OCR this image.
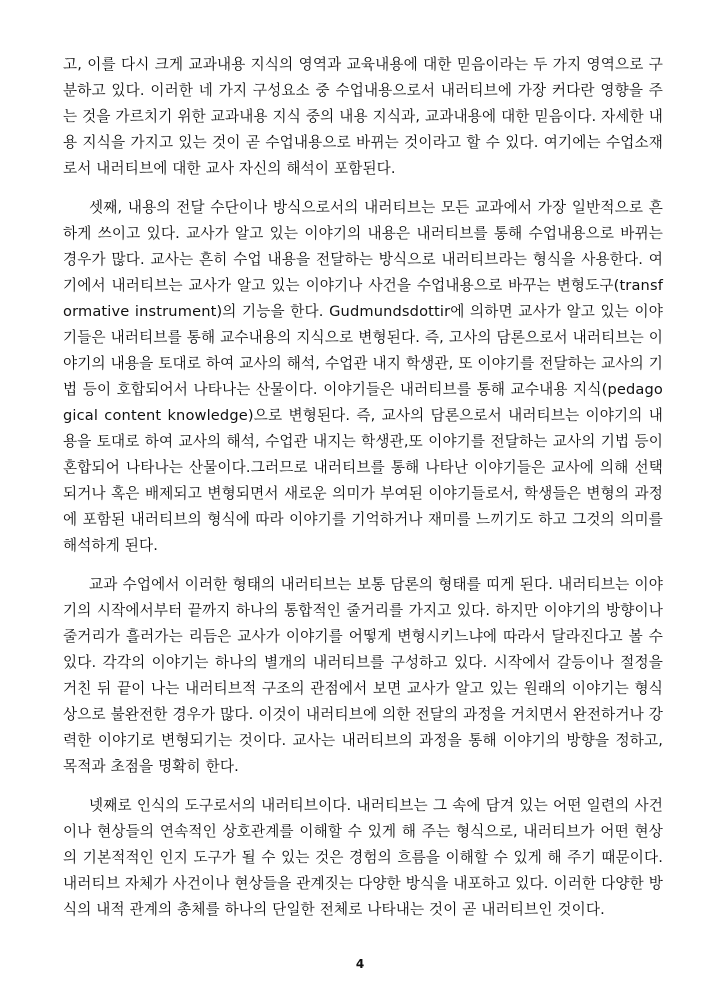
고, 이를 다시 크게 교과내용 지식의 영역과 교육내용에 대한 믿음이라는 두 가지 영역으로 구분하고 있다. 이러한 네 가지 구성요소 중 수업내용으로서 내러티브에 가장 커다란 영향을 주는 것을 가르치기 위한 교과내용 지식 중의 내용 지식과, 교과내용에 대한 믿음이다. 자세한 내용 지식을 가지고 있는 것이 곧 수업내용으로 바뀌는 것이라고 할 수 있다. 여기에는 수업소재로서 내러티브에 대한 교사 자신의 해석이 포함된다.

셋째, 내용의 전달 수단이나 방식으로서의 내러티브는 모든 교과에서 가장 일반적으로 흔하게 쓰이고 있다. 교사가 알고 있는 이야기의 내용은 내러티브를 통해 수업내용으로 바뀌는 경우가 많다. 교사는 흔히 수업 내용을 전달하는 방식으로 내러티브라는 형식을 사용한다. 여기에서 내러티브는 교사가 알고 있는 이야기나 사건을 수업내용으로 바꾸는 변형도구(transformative instrument)의 기능을 한다. Gudmundsdottir에 의하면 교사가 알고 있는 이야기들은 내러티브를 통해 교수내용의 지식으로 변형된다. 즉, 고사의 담론으로서 내러티브는 이야기의 내용을 토대로 하여 교사의 해석, 수업관 내지 학생관, 또 이야기를 전달하는 교사의 기법 등이 호합되어서 나타나는 산물이다. 이야기들은 내러티브를 통해 교수내용 지식(pedagogical content knowledge)으로 변형된다. 즉, 교사의 담론으로서 내러티브는 이야기의 내용을 토대로 하여 교사의 해석, 수업관 내지는 학생관,또 이야기를 전달하는 교사의 기법 등이 혼합되어 나타나는 산물이다.그러므로 내러티브를 통해 나타난 이야기들은 교사에 의해 선택되거나 혹은 배제되고 변형되면서 새로운 의미가 부여된 이야기들로서, 학생들은 변형의 과정에 포함된 내러티브의 형식에 따라 이야기를 기억하거나 재미를 느끼기도 하고 그것의 의미를 해석하게 된다.

교과 수업에서 이러한 형태의 내러티브는 보통 담론의 형태를 띠게 된다. 내러티브는 이야기의 시작에서부터 끝까지 하나의 통합적인 줄거리를 가지고 있다. 하지만 이야기의 방향이나 줄거리가 흘러가는 리듬은 교사가 이야기를 어떻게 변형시키느냐에 따라서 달라진다고 볼 수 있다. 각각의 이야기는 하나의 별개의 내러티브를 구성하고 있다. 시작에서 갈등이나 절정을 거친 뒤 끝이 나는 내러티브적 구조의 관점에서 보면 교사가 알고 있는 원래의 이야기는 형식상으로 불완전한 경우가 많다. 이것이 내러티브에 의한 전달의 과정을 거치면서 완전하거나 강력한 이야기로 변형되기는 것이다. 교사는 내러티브의 과정을 통해 이야기의 방향을 정하고, 목적과 초점을 명확히 한다.

넷째로 인식의 도구로서의 내러티브이다. 내러티브는 그 속에 담겨 있는 어떤 일련의 사건이나 현상들의 연속적인 상호관계를 이해할 수 있게 해 주는 형식으로, 내러티브가 어떤 현상의 기본적적인 인지 도구가 될 수 있는 것은 경험의 흐름을 이해할 수 있게 해 주기 때문이다. 내러티브 자체가 사건이나 현상들을 관계짓는 다양한 방식을 내포하고 있다. 이러한 다양한 방식의 내적 관계의 총체를 하나의 단일한 전체로 나타내는 것이 곧 내러티브인 것이다.

4
